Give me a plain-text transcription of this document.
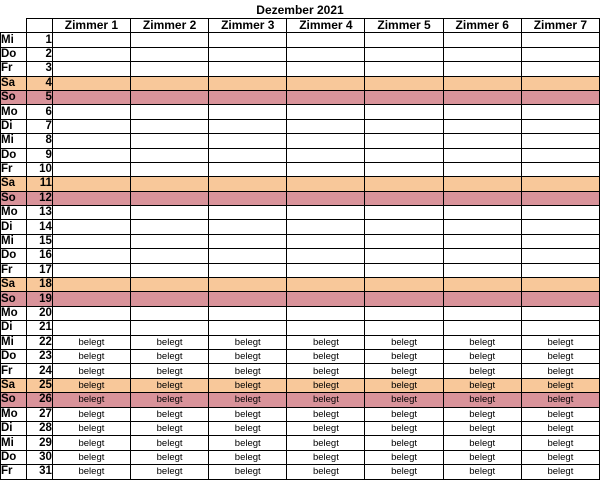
Dezember 2021
		Zimmer 1	Zimmer 2	Zimmer 3	Zimmer 4	Zimmer 5	Zimmer 6	Zimmer 7
Mi	1							
Do	2							
Fr	3							
Sa	4							
So	5							
Mo	6							
Di	7							
Mi	8							
Do	9							
Fr	10							
Sa	11							
So	12							
Mo	13							
Di	14							
Mi	15							
Do	16							
Fr	17							
Sa	18							
So	19							
Mo	20							
Di	21							
Mi	22	belegt	belegt	belegt	belegt	belegt	belegt	belegt
Do	23	belegt	belegt	belegt	belegt	belegt	belegt	belegt
Fr	24	belegt	belegt	belegt	belegt	belegt	belegt	belegt
Sa	25	belegt	belegt	belegt	belegt	belegt	belegt	belegt
So	26	belegt	belegt	belegt	belegt	belegt	belegt	belegt
Mo	27	belegt	belegt	belegt	belegt	belegt	belegt	belegt
Di	28	belegt	belegt	belegt	belegt	belegt	belegt	belegt
Mi	29	belegt	belegt	belegt	belegt	belegt	belegt	belegt
Do	30	belegt	belegt	belegt	belegt	belegt	belegt	belegt
Fr	31	belegt	belegt	belegt	belegt	belegt	belegt	belegt
